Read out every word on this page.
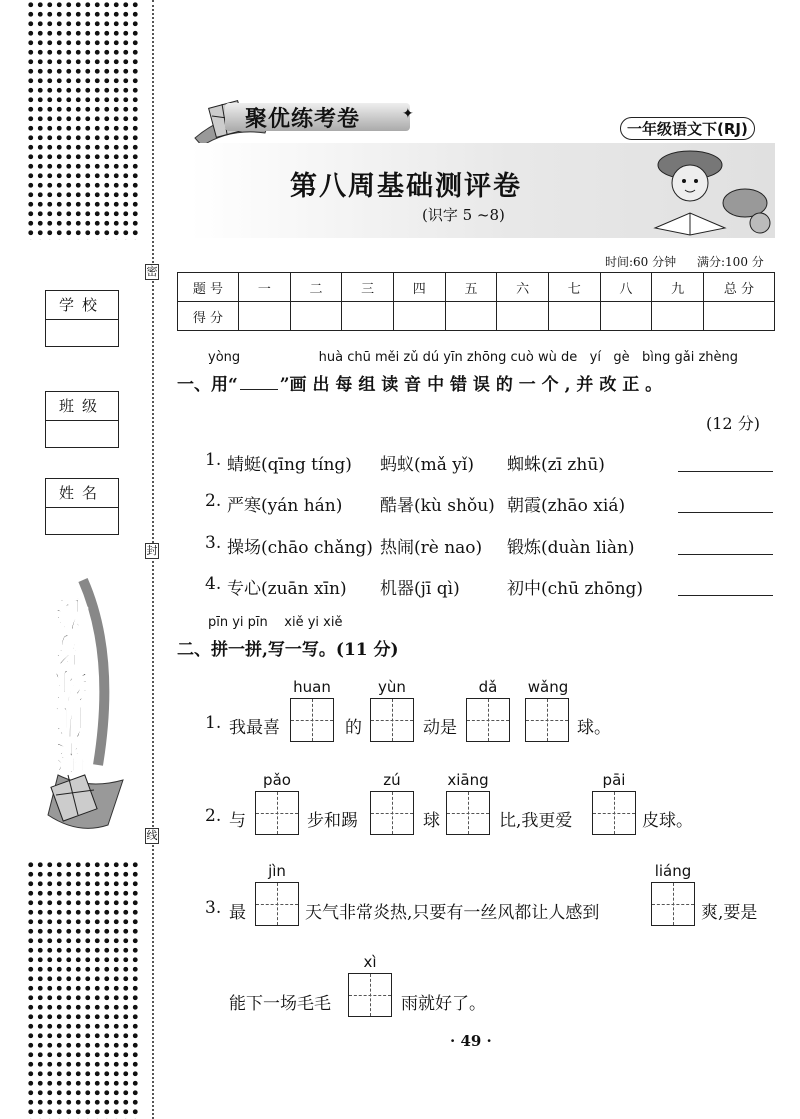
密
封
线
学校
班级
姓名
聚优练考卷
聚优练考卷	✦
一年级语文下(RJ)
第八周基础测评卷
(识字 5 ~8)
时间:60 分钟 满分:100 分
题 号	一	二	三	四	五	六	七	八	九	总 分
得 分										
yòng                   huà chū měi zǔ dú yīn zhōng cuò wù de   yí   gè   bìng gǎi zhèng
一、用“ ”画 出 每 组 读 音 中 错 误 的 一 个 , 并 改 正 。
(12 分)
1. 蜻蜓(qīng tíng) 蚂蚁(mǎ yǐ) 蜘蛛(zī zhū)
2. 严寒(yán hán) 酷暑(kù shǒu) 朝霞(zhāo xiá)
3. 操场(chāo chǎng) 热闹(rè nao) 锻炼(duàn liàn)
4. 专心(zuān xīn) 机器(jī qì)	初中(chū zhōng)
pīn yi pīn    xiě yi xiě
二、拼一拼,写一写。(11 分)
1. 我最喜
huan
的
yùn
动是
dǎ	wǎng
球。
2. 与
pǎo
步和踢
zú
球
xiāng
比,我更爱
pāi
皮球。
3. 最
jìn
天气非常炎热,只要有一丝风都让人感到
liáng
爽,要是
能下一场毛毛
xì
雨就好了。
· 49 ·
